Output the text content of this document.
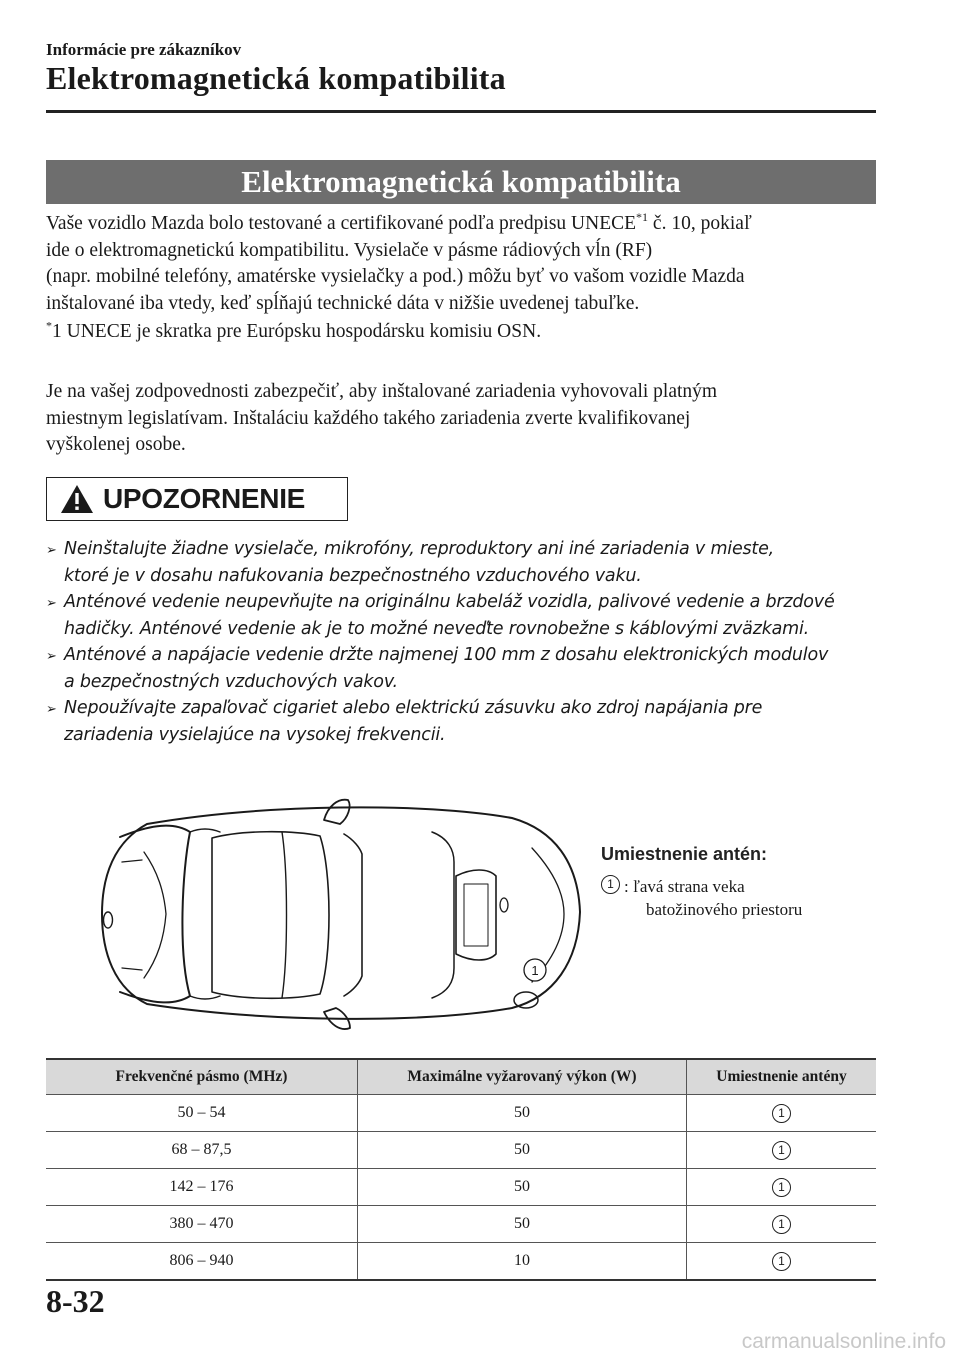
Informácie pre zákazníkov
Elektromagnetická kompatibilita
Elektromagnetická kompatibilita

Vaše vozidlo Mazda bolo testované a certifikované podľa predpisu UNECE$^{*1}$ č. 10, pokiaľ

ide o elektromagnetickú kompatibilitu. Vysielače v pásme rádiových vĺn (RF)

(napr. mobilné telefóny, amatérske vysielačky a pod.) môžu byť vo vašom vozidle Mazda

inštalované iba vtedy, keď spĺňajú technické dáta v nižšie uvedenej tabuľke.

*1 UNECE je skratka pre Európsku hospodársku komisiu OSN.

Je na vašej zodpovednosti zabezpečiť, aby inštalované zariadenia vyhovovali platným

miestnym legislatívam. Inštaláciu každého takého zariadenia zverte kvalifikovanej

vyškolenej osobe.

UPOZORNENIE
➢ Neinštalujte žiadne vysielače, mikrofóny, reproduktory ani iné zariadenia v mieste,
ktoré je v dosahu nafukovania bezpečnostného vzduchového vaku.
➢ Anténové vedenie neupevňujte na originálnu kabeláž vozidla, palivové vedenie a brzdové
hadičky. Anténové vedenie ak je to možné neveďte rovnobežne s káblovými zväzkami.
➢ Anténové a napájacie vedenie držte najmenej 100 mm z dosahu elektronických modulov
a bezpečnostných vzduchových vakov.
➢ Nepoužívajte zapaľovač cigariet alebo elektrickú zásuvku ako zdroj napájania pre
zariadenia vysielajúce na vysokej frekvencii.
1
Umiestnenie antén:
1 : ľavá strana veka
batožinového priestoru
Frekvenčné pásmo (MHz)	Maximálne vyžarovaný výkon (W)	Umiestnenie antény
50 – 54	50	1
68 – 87,5	50	1
142 – 176	50	1
380 – 470	50	1
806 – 940	10	1
8-32
carmanualsonline.info
